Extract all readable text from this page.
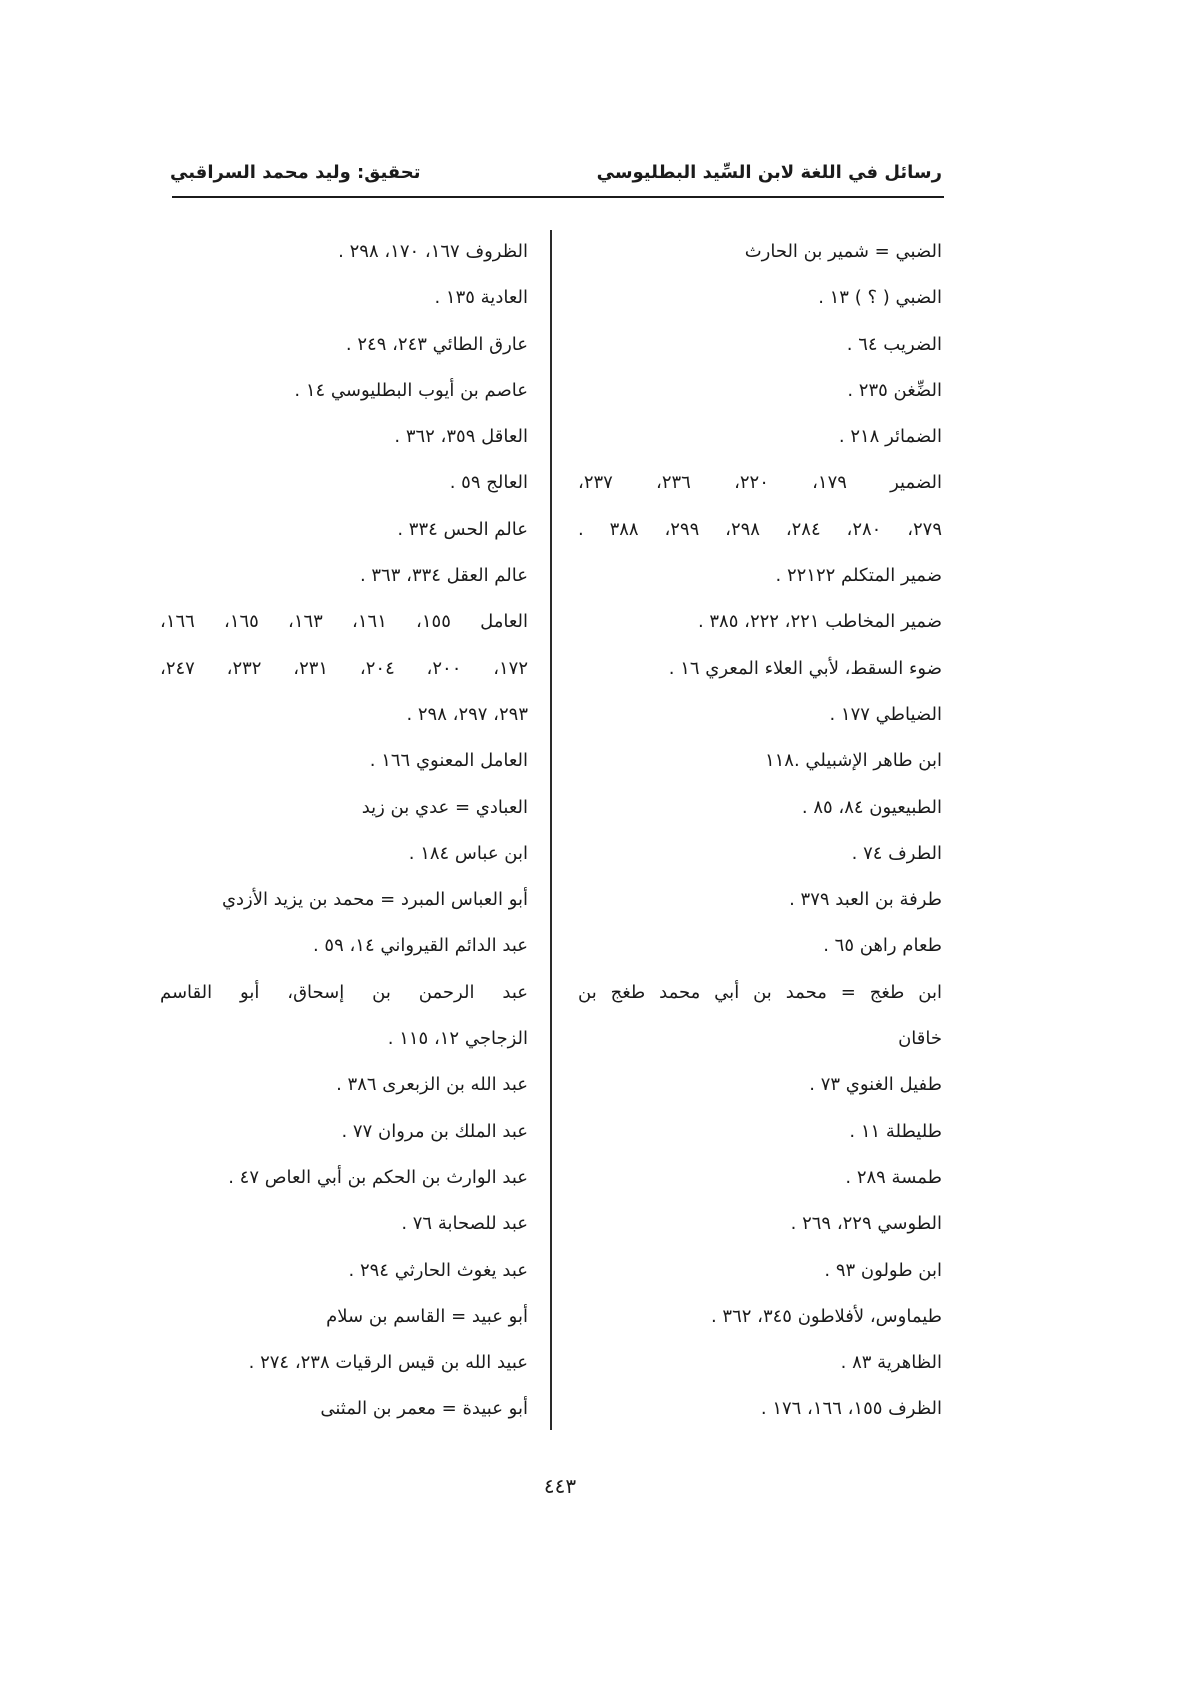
رسائل في اللغة لابن السِّيد البطليوسي
تحقيق: وليد محمد السراقبي
الضبي = شمير بن الحارث
الضبي ( ؟ ) ١٣ .
الضريب ٦٤ .
الضِّغن ٢٣٥ .
الضمائر ٢١٨ .
الضمير ١٧٩، ٢٢٠، ٢٣٦، ٢٣٧،
٢٧٩، ٢٨٠، ٢٨٤، ٢٩٨، ٢٩٩، ٣٨٨ .
ضمير المتكلم ٢٢١٢٢ .
ضمير المخاطب ٢٢١، ٢٢٢، ٣٨٥ .
ضوء السقط، لأبي العلاء المعري ١٦ .
الضياطي ١٧٧ .
ابن طاهر الإشبيلي .١١٨
الطبيعيون ٨٤، ٨٥ .
الطرف ٧٤ .
طرفة بن العبد ٣٧٩ .
طعام راهن ٦٥ .
ابن طغج = محمد بن أبي محمد طغج بن
خاقان
طفيل الغنوي ٧٣ .
طليطلة ١١ .
طمسة ٢٨٩ .
الطوسي ٢٢٩، ٢٦٩ .
ابن طولون ٩٣ .
طيماوس، لأفلاطون ٣٤٥، ٣٦٢ .
الظاهرية ٨٣ .
الظرف ١٥٥، ١٦٦، ١٧٦ .
الظروف ١٦٧، ١٧٠، ٢٩٨ .
العادية ١٣٥ .
عارق الطائي ٢٤٣، ٢٤٩ .
عاصم بن أيوب البطليوسي ١٤ .
العاقل ٣٥٩، ٣٦٢ .
العالج ٥٩ .
عالم الحس ٣٣٤ .
عالم العقل ٣٣٤، ٣٦٣ .
العامل ١٥٥، ١٦١، ١٦٣، ١٦٥، ١٦٦،
١٧٢، ٢٠٠، ٢٠٤، ٢٣١، ٢٣٢، ٢٤٧،
٢٩٣، ٢٩٧، ٢٩٨ .
العامل المعنوي ١٦٦ .
العبادي = عدي بن زيد
ابن عباس ١٨٤ .
أبو العباس المبرد = محمد بن يزيد الأزدي
عبد الدائم القيرواني ١٤، ٥٩ .
عبد الرحمن بن إسحاق، أبو القاسم
الزجاجي ١٢، ١١٥ .
عبد الله بن الزبعرى ٣٨٦ .
عبد الملك بن مروان ٧٧ .
عبد الوارث بن الحكم بن أبي العاص ٤٧ .
عبد للصحابة ٧٦ .
عبد يغوث الحارثي ٢٩٤ .
أبو عبيد = القاسم بن سلام
عبيد الله بن قيس الرقيات ٢٣٨، ٢٧٤ .
أبو عبيدة = معمر بن المثنى
٤٤٣
